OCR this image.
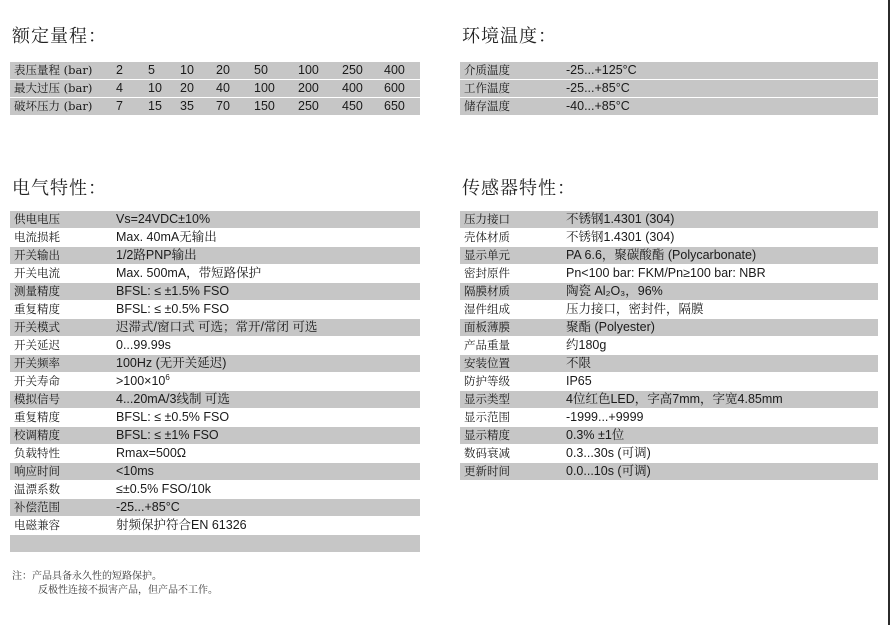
额定量程：
表压量程 (bar)	2	5	10	20	50	100	250	400
最大过压 (bar)	4	10	20	40	100	200	400	600
破坏压力 (bar)	7	15	35	70	150	250	450	650
环境温度：
介质温度	-25...+125°C
工作温度	-25...+85°C
储存温度	-40...+85°C
电气特性：
供电电压	Vs=24VDC±10%
电流损耗	Max. 40mA无输出
开关输出	1/2路PNP输出
开关电流	Max. 500mA，带短路保护
测量精度	BFSL: ≤ ±1.5% FSO
重复精度	BFSL: ≤ ±0.5% FSO
开关模式	迟滞式/窗口式 可选；常开/常闭 可选
开关延迟	0...99.99s
开关频率	100Hz (无开关延迟)
开关寿命	$>100\times 10^6$
模拟信号	4...20mA/3线制 可选
重复精度	BFSL: ≤ ±0.5% FSO
校调精度	BFSL: ≤ ±1% FSO
负载特性	Rmax=500Ω
响应时间	<10ms
温漂系数	≤±0.5% FSO/10k
补偿范围	-25...+85°C
电磁兼容	射频保护符合EN 61326

传感器特性：
压力接口	不锈钢1.4301 (304)
壳体材质	不锈钢1.4301 (304)
显示单元	PA 6.6，聚碳酸酯 (Polycarbonate)
密封原件	Pn<100 bar: FKM/Pn≥100 bar: NBR
隔膜材质	陶瓷 Al₂O₃，96%
湿件组成	压力接口，密封件，隔膜
面板薄膜	聚酯 (Polyester)
产品重量	约180g
安装位置	不限
防护等级	IP65
显示类型	4位红色LED，字高7mm，字宽4.85mm
显示范围	-1999...+9999
显示精度	0.3% ±1位
数码衰减	0.3...30s (可调)
更新时间	0.0...10s (可调)
注：产品具备永久性的短路保护。
反极性连接不损害产品，但产品不工作。
